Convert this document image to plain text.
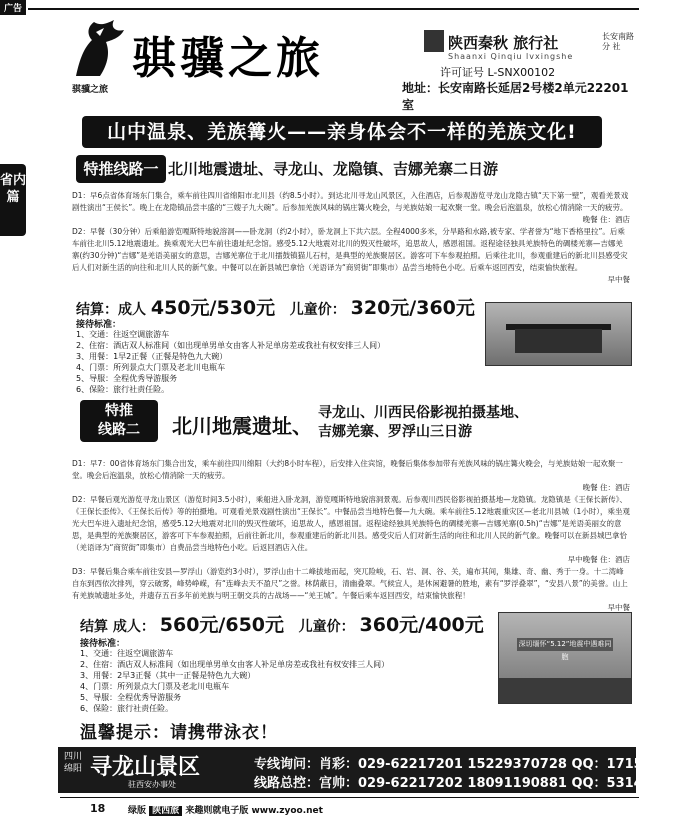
广告
骐骥之旅
骐骥之旅	陕西秦秋 旅行社
Shaanxi Qinqiu lvxingshe
长安南路分 社
许可证号 L-SNX00102
地址：长安南路长延居2号楼2单元22201室
山中温泉、羌族篝火——亲身体会不一样的羌族文化!
省内篇
特推线路一 北川地震遗址、寻龙山、龙隐镇、吉娜羌寨二日游

D1：早6点省体育场东门集合，乘车前往四川省绵阳市北川县（约8.5小时）。到达北川寻龙山风景区，入住酒店，后参观游览寻龙山龙隐古镇“天下第一壁”，观看羌景戏剧性演出“王侯长”。晚上在龙隐镇品尝丰盛的“三嫂子九大碗”。后参加羌族风味的锅庄篝火晚会，与羌族姑娘一起欢聚一堂。晚会后泡温泉，放松心情消除一天的疲劳。

晚餐 住：酒店

D2：早餐（30分钟）后乘船游览嘎斯特地貌溶洞——卧龙洞（约2小时），卧龙洞上下共六层。全程4000多米，分旱路和水路,被专家、学者誉为“地下香格里拉”。后乘车前往北川5.12地震遗址。换乘观光大巴车前往遗址纪念馆。感受5.12大地震对北川的毁灭性破坏，追思故人，感恩祖国。返程途径独具羌族特色的碉楼羌寨—吉娜羌寨(约30分钟)“吉娜”是羌语美丽女的意思，吉娜羌寨位于北川擂鼓镇猫儿石村，是典型的羌族聚居区。游客可下车参观拍照。后乘往北川，参观重建后的新北川县感受灾后人们对新生活的向往和北川人民的新气象。中餐可以在新县城巴拿恰（羌语译为“商贸街”即集市）品尝当地特色小吃。后乘车返回西安，结束愉快旅程。

早中餐
结算：成人 450元/530元 儿童价： 320元/360元
接待标准：
1、交通：往返空调旅游车
2、住宿：酒店双人标准间（如出现单男单女由客人补足单房差或我社有权安排三人间）
3、用餐：1早2正餐（正餐是特色九大碗）
4、门票：所列景点大门票及老北川电瓶车
5、导服：全程优秀导游服务
6、保险：旅行社责任险。
特推
线路二	北川地震遗址、
寻龙山、川西民俗影视拍摄基地、
吉娜羌寨、罗浮山三日游

D1：早7：00省体育场东门集合出发，乘车前往四川绵阳（大约8小时车程），后安排入住宾馆，晚餐后集体参加带有羌族风味的锅庄篝火晚会，与羌族姑娘一起欢聚一堂。晚会后泡温泉，放松心情消除一天的疲劳。

晚餐 住：酒店

D2：早餐后观光游览寻龙山景区（游览时间3.5小时），乘船进入卧龙洞，游览嘎斯特地貌溶洞景观。后参观川西民俗影视拍摄基地—龙隐镇。龙隐镇是《王保长新传》、《王保长歪传》、《王保长后传》等的拍摄地。可观看羌景戏剧性演出“王保长”。中餐品尝当地特色餐—九大碗。乘车前往5.12地震重灾区—老北川县城（1小时），乘坐观光大巴车进入遗址纪念馆，感受5.12大地震对北川的毁灭性破坏，追思故人，感恩祖国。返程途经独具羌族特色的碉楼羌寨—吉娜羌寨(0.5h)“吉娜”是羌语美丽女的意思，是典型的羌族聚居区，游客可下车参观拍照，后前往新北川，参观重建后的新北川县。感受灾后人们对新生活的向往和北川人民的新气象。晚餐可以在新县城巴拿恰（羌语译为“商贸街”即集市）自费品尝当地特色小吃。后返回酒店入住。

早中晚餐 住：酒店

D3：早餐后集合乘车前往安县—罗浮山（游览约3小时），罗浮山由十二峰拔地而起，突兀险峻，石、岩、洞、谷、关，遍布其间，集雄、奇、幽、秀于一身。十二湾峰自东到西依次排列，穿云破雾，峰势峥嵘，有“连峰去天不盈尺”之誉。林荫蔽日，清幽叠翠。气候宜人，是休闲避暑的胜地，素有“罗浮叠翠”，“安县八景”的美誉。山上有羌族城遗址多处，并遗存五百多年前羌族与明王朝交兵的古战场——“羌王城”。午餐后乘车返回西安，结束愉快旅程！

早中餐
结算 成人： 560元/650元 儿童价： 360元/400元
接待标准：
1、交通：往返空调旅游车
2、住宿：酒店双人标准间（如出现单男单女由客人补足单房差或我社有权安排三人间）
3、用餐：2早3正餐（其中一正餐是特色九大碗）
4、门票：所列景点大门票及老北川电瓶车
5、导服：全程优秀导游服务
6、保险：旅行社责任险。
深切缅怀“5.12”地震中遇难同胞
温馨提示：请携带泳衣！
四川 绵阳 寻龙山景区
驻西安办事处
专线询问：肖彩：029-62217201 15229370728 QQ：1715067490
线路总控：宫帅：029-62217202 18091190881 QQ：531498937
18	绿版 陕西旅 来趣则就电子版 www.zyoo.net
